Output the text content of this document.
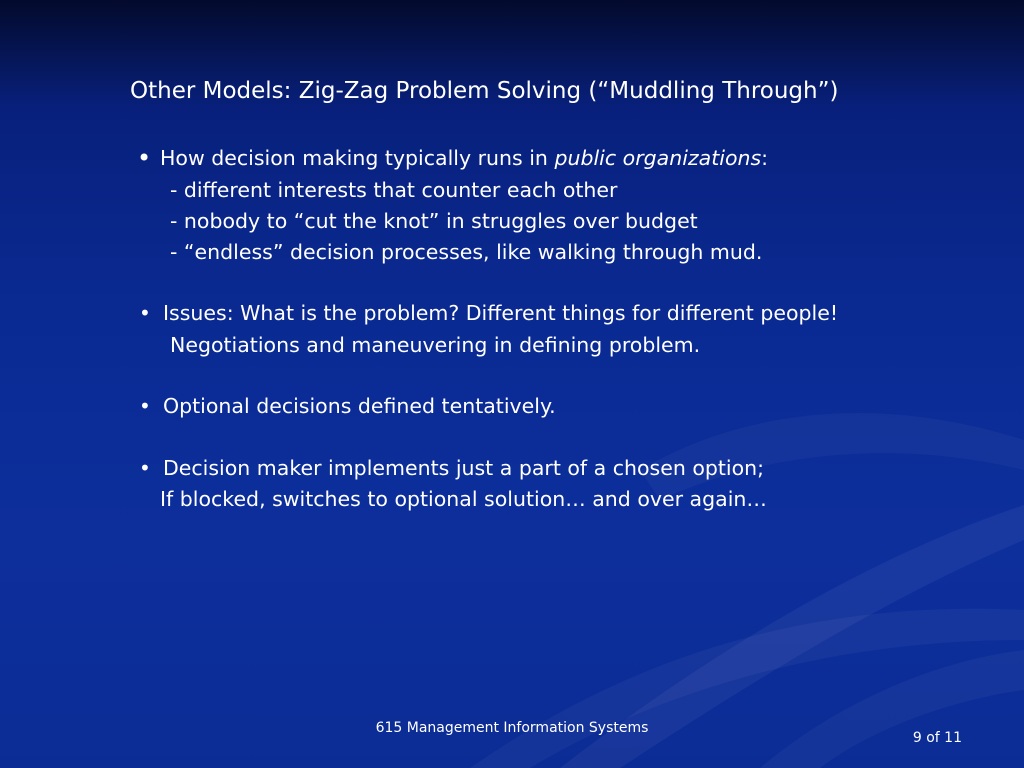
Other Models: Zig-Zag Problem Solving (“Muddling Through”)
• How decision making typically runs in public organizations:
- different interests that counter each other
- nobody to “cut the knot” in struggles over budget
- “endless” decision processes, like walking through mud.
• Issues: What is the problem? Different things for different people!
Negotiations and maneuvering in defining problem.
• Optional decisions defined tentatively.
• Decision maker implements just a part of a chosen option;
If blocked, switches to optional solution… and over again…
615 Management Information Systems
9 of 11
